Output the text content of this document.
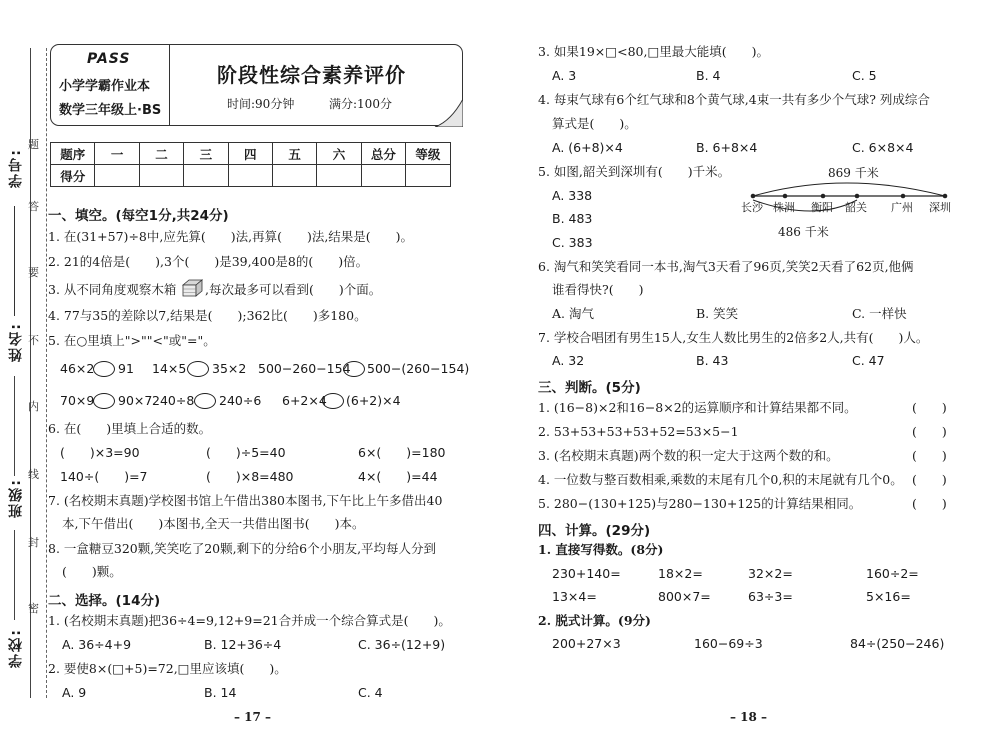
学号:
姓名:
班级:
学校:
题
答
要
不
内
线
封
密
PASS
小学学霸作业本
数学三年级上·BS
阶段性综合素养评价
时间:90分钟	满分:100分
题序	一	二	三	四	五	六	总分	等级
得分								
一、填空。(每空1分,共24分)
1. 在(31+57)÷8中,应先算(　　)法,再算(　　)法,结果是(　　)。
2. 21的4倍是(　　),3个(　　)是39,400是8的(　　)倍。
3. 从不同角度观察木箱 ,每次最多可以看到(　　)个面。
4. 77与35的差除以7,结果是(　　);362比(　　)多180。
5. 在○里填上">""<"或"="。
46×2 91 14×5 35×2 500−260−154 500−(260−154)
70×9 90×7 240÷8 240÷6 6+2×4 (6+2)×4
6. 在(　　)里填上合适的数。
(　　)×3=90	(　　)÷5=40	6×(　　)=180
140÷(　　)=7	(　　)×8=480	4×(　　)=44
7. (名校期末真题)学校图书馆上午借出380本图书,下午比上午多借出40
本,下午借出(　　)本图书,全天一共借出图书(　　)本。
8. 一盒糖豆320颗,笑笑吃了20颗,剩下的分给6个小朋友,平均每人分到
(　　)颗。
二、选择。(14分)
1. (名校期末真题)把36÷4=9,12+9=21合并成一个综合算式是(　　)。
A. 36÷4+9	B. 12+36÷4	C. 36÷(12+9)
2. 要使8×(□+5)=72,□里应该填(　　)。
A. 9	B. 14	C. 4
– 17 –
3. 如果19×□<80,□里最大能填(　　)。
A. 3	B. 4	C. 5
4. 每束气球有6个红气球和8个黄气球,4束一共有多少个气球? 列成综合
算式是(　　)。
A. (6+8)×4	B. 6+8×4	C. 6×8×4
5. 如图,韶关到深圳有(　　)千米。
A. 338
B. 483
C. 383
869 千米
486 千米
长沙 株洲 衡阳 韶关 广州 深圳
6. 淘气和笑笑看同一本书,淘气3天看了96页,笑笑2天看了62页,他俩
谁看得快?(　　)
A. 淘气	B. 笑笑	C. 一样快
7. 学校合唱团有男生15人,女生人数比男生的2倍多2人,共有(　　)人。
A. 32	B. 43	C. 47
三、判断。(5分)
1. (16−8)×2和16−8×2的运算顺序和计算结果都不同。
2. 53+53+53+53+52=53×5−1
3. (名校期末真题)两个数的积一定大于这两个数的和。
4. 一位数与整百数相乘,乘数的末尾有几个0,积的末尾就有几个0。
5. 280−(130+125)与280−130+125的计算结果相同。
(　　)
(　　)
(　　)
(　　)
(　　)
四、计算。(29分)
1. 直接写得数。(8分)
230+140=	18×2=	32×2=	160÷2=
13×4=	800×7=	63÷3=	5×16=
2. 脱式计算。(9分)
200+27×3	160−69÷3	84÷(250−246)
– 18 –
